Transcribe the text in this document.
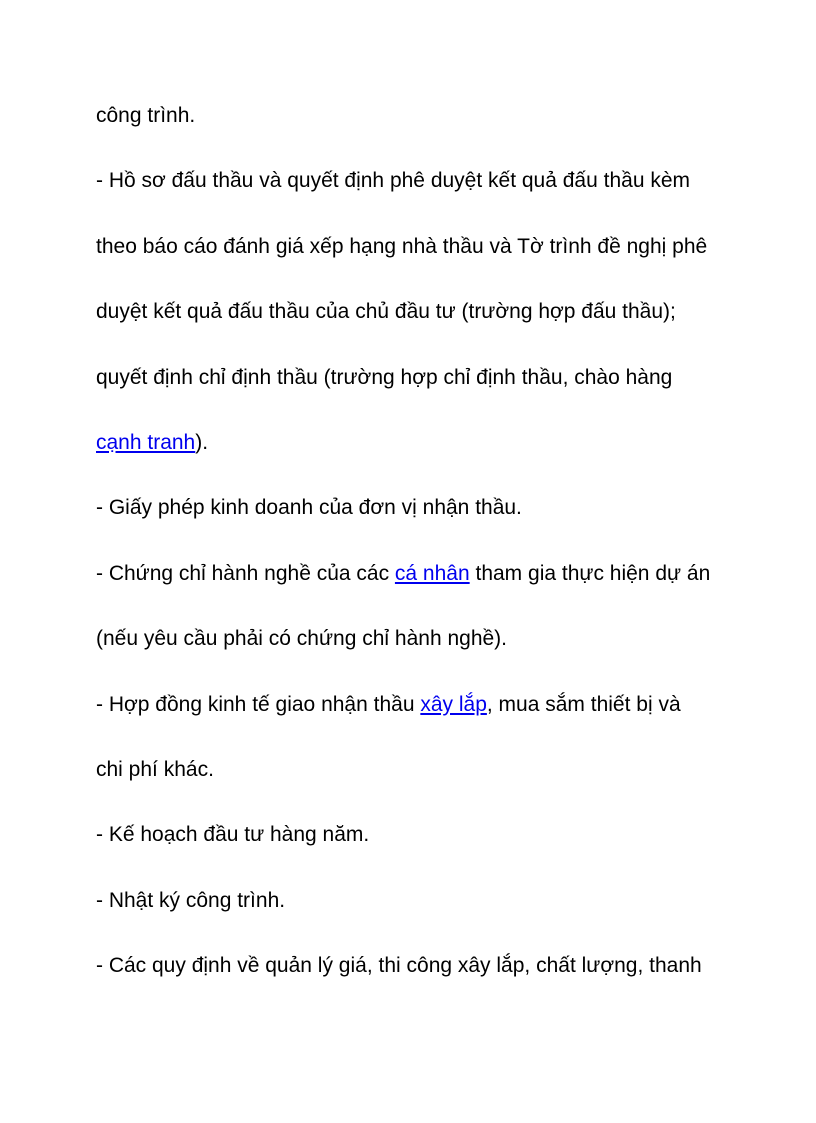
công trình.
- Hồ sơ đấu thầu và quyết định phê duyệt kết quả đấu thầu kèm
theo báo cáo đánh giá xếp hạng nhà thầu và Tờ trình đề nghị phê
duyệt kết quả đấu thầu của chủ đầu tư (trường hợp đấu thầu);
quyết định chỉ định thầu (trường hợp chỉ định thầu, chào hàng
cạnh tranh).
- Giấy phép kinh doanh của đơn vị nhận thầu.
- Chứng chỉ hành nghề của các cá nhân tham gia thực hiện dự án
(nếu yêu cầu phải có chứng chỉ hành nghề).
- Hợp đồng kinh tế giao nhận thầu xây lắp, mua sắm thiết bị và
chi phí khác.
- Kế hoạch đầu tư hàng năm.
- Nhật ký công trình.
- Các quy định về quản lý giá, thi công xây lắp, chất lượng, thanh
